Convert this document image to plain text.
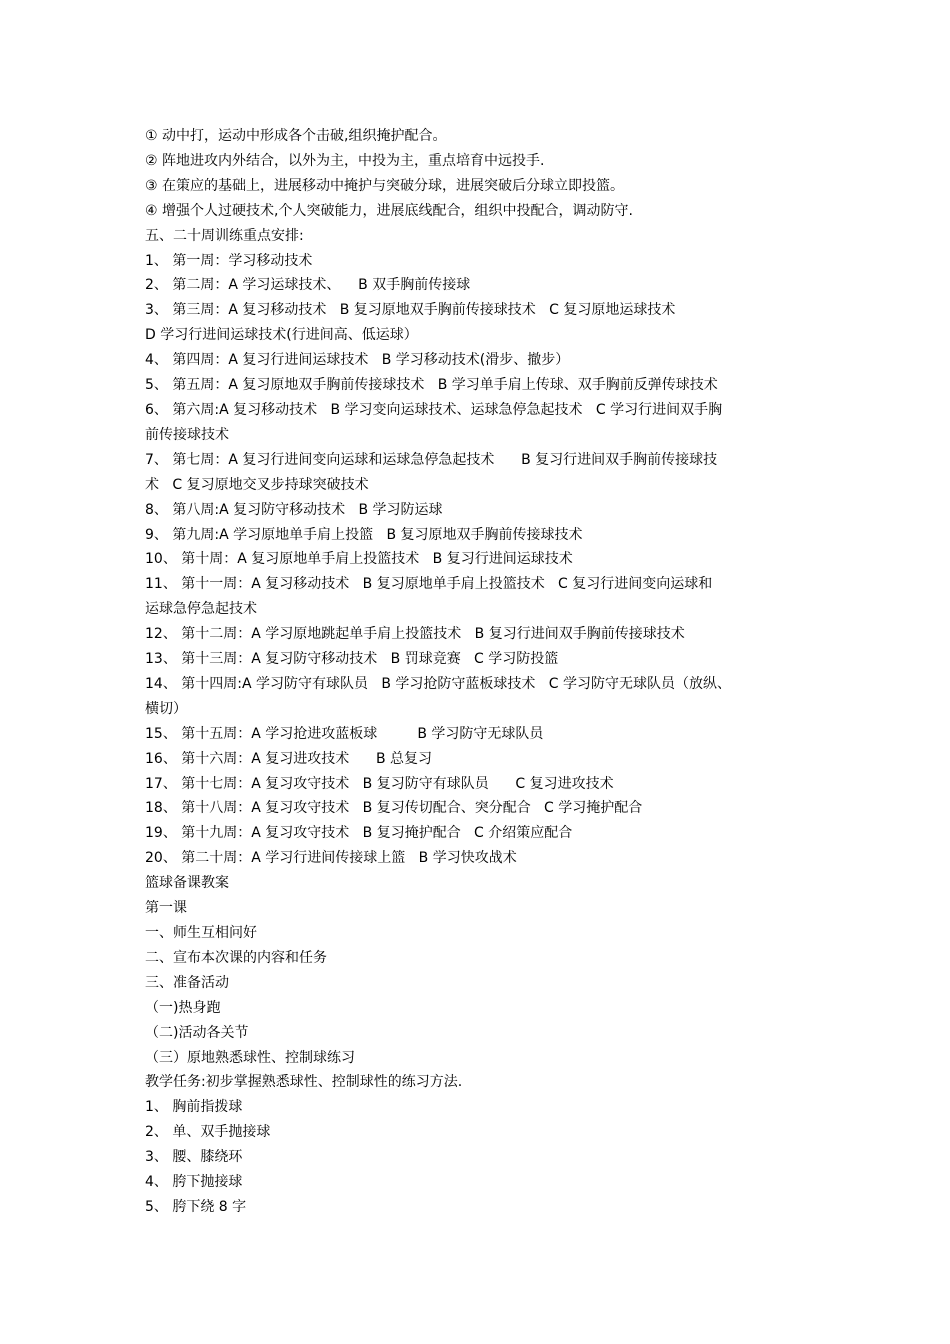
① 动中打，运动中形成各个击破,组织掩护配合。
② 阵地进攻内外结合，以外为主，中投为主，重点培育中远投手.
③ 在策应的基础上，进展移动中掩护与突破分球，进展突破后分球立即投篮。
④ 增强个人过硬技术,个人突破能力，进展底线配合，组织中投配合，调动防守.
五、二十周训练重点安排:
1、 第一周：学习移动技术
2、 第二周：A 学习运球技术、    B 双手胸前传接球
3、 第三周：A 复习移动技术   B 复习原地双手胸前传接球技术   C 复习原地运球技术
D 学习行进间运球技术(行进间高、低运球）
4、 第四周：A 复习行进间运球技术   B 学习移动技术(滑步、撤步）
5、 第五周：A 复习原地双手胸前传接球技术   B 学习单手肩上传球、双手胸前反弹传球技术
6、 第六周:A 复习移动技术   B 学习变向运球技术、运球急停急起技术   C 学习行进间双手胸
前传接球技术
7、 第七周：A 复习行进间变向运球和运球急停急起技术      B 复习行进间双手胸前传接球技
术   C 复习原地交叉步持球突破技术
8、 第八周:A 复习防守移动技术   B 学习防运球
9、 第九周:A 学习原地单手肩上投篮   B 复习原地双手胸前传接球技术
10、 第十周：A 复习原地单手肩上投篮技术   B 复习行进间运球技术
11、 第十一周：A 复习移动技术   B 复习原地单手肩上投篮技术   C 复习行进间变向运球和
运球急停急起技术
12、 第十二周：A 学习原地跳起单手肩上投篮技术   B 复习行进间双手胸前传接球技术
13、 第十三周：A 复习防守移动技术   B 罚球竞赛   C 学习防投篮
14、 第十四周:A 学习防守有球队员   B 学习抢防守蓝板球技术   C 学习防守无球队员（放纵、
横切）
15、 第十五周：A 学习抢进攻蓝板球         B 学习防守无球队员
16、 第十六周：A 复习进攻技术      B 总复习
17、 第十七周：A 复习攻守技术   B 复习防守有球队员      C 复习进攻技术
18、 第十八周：A 复习攻守技术   B 复习传切配合、突分配合   C 学习掩护配合
19、 第十九周：A 复习攻守技术   B 复习掩护配合   C 介绍策应配合
20、 第二十周：A 学习行进间传接球上篮   B 学习快攻战术
篮球备课教案
第一课
一、师生互相问好
二、宣布本次课的内容和任务
三、准备活动
（一)热身跑
（二)活动各关节
（三）原地熟悉球性、控制球练习
教学任务:初步掌握熟悉球性、控制球性的练习方法.
1、 胸前指拨球
2、 单、双手抛接球
3、 腰、膝绕环
4、 胯下抛接球
5、 胯下绕 8 字
